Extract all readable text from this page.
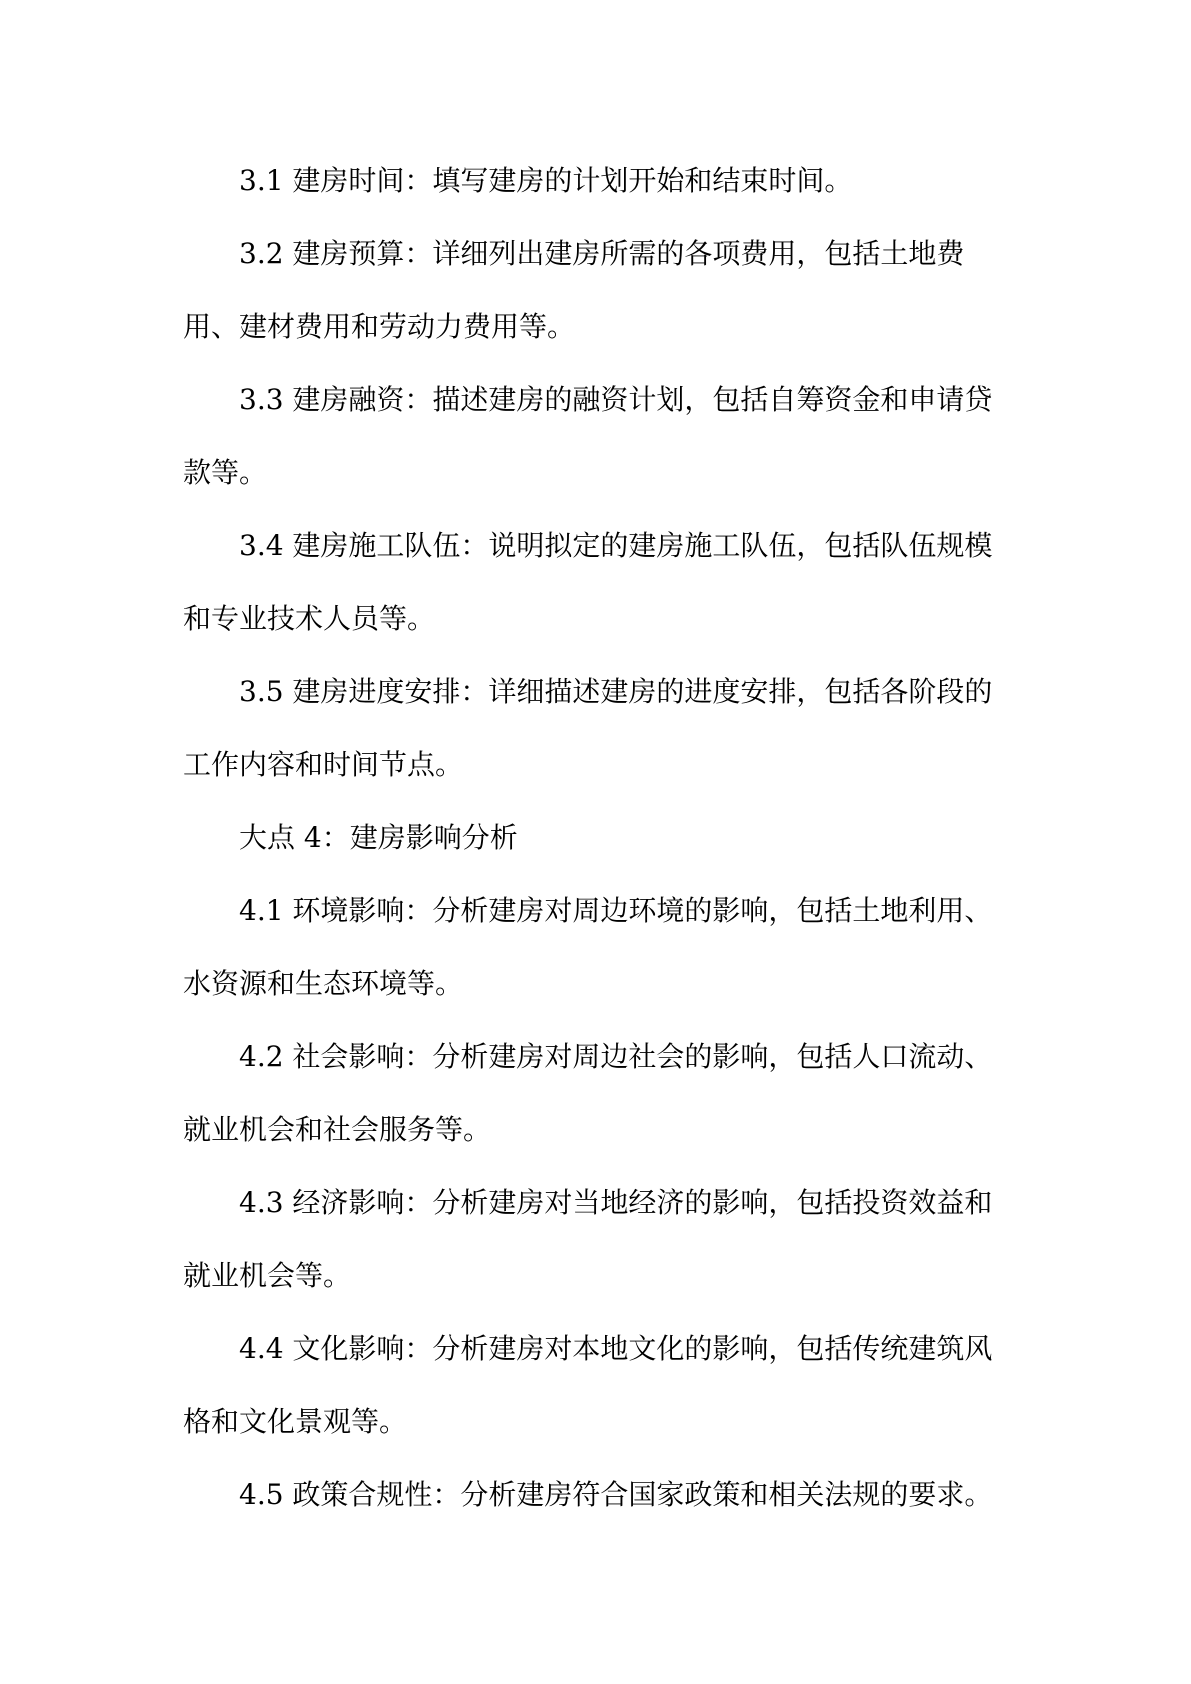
3.1 建房时间：填写建房的计划开始和结束时间。

3.2 建房预算：详细列出建房所需的各项费用，包括土地费用、建材费用和劳动力费用等。

3.3 建房融资：描述建房的融资计划，包括自筹资金和申请贷款等。

3.4 建房施工队伍：说明拟定的建房施工队伍，包括队伍规模和专业技术人员等。

3.5 建房进度安排：详细描述建房的进度安排，包括各阶段的工作内容和时间节点。

大点 4：建房影响分析

4.1 环境影响：分析建房对周边环境的影响，包括土地利用、水资源和生态环境等。

4.2 社会影响：分析建房对周边社会的影响，包括人口流动、就业机会和社会服务等。

4.3 经济影响：分析建房对当地经济的影响，包括投资效益和就业机会等。

4.4 文化影响：分析建房对本地文化的影响，包括传统建筑风格和文化景观等。

4.5 政策合规性：分析建房符合国家政策和相关法规的要求。
